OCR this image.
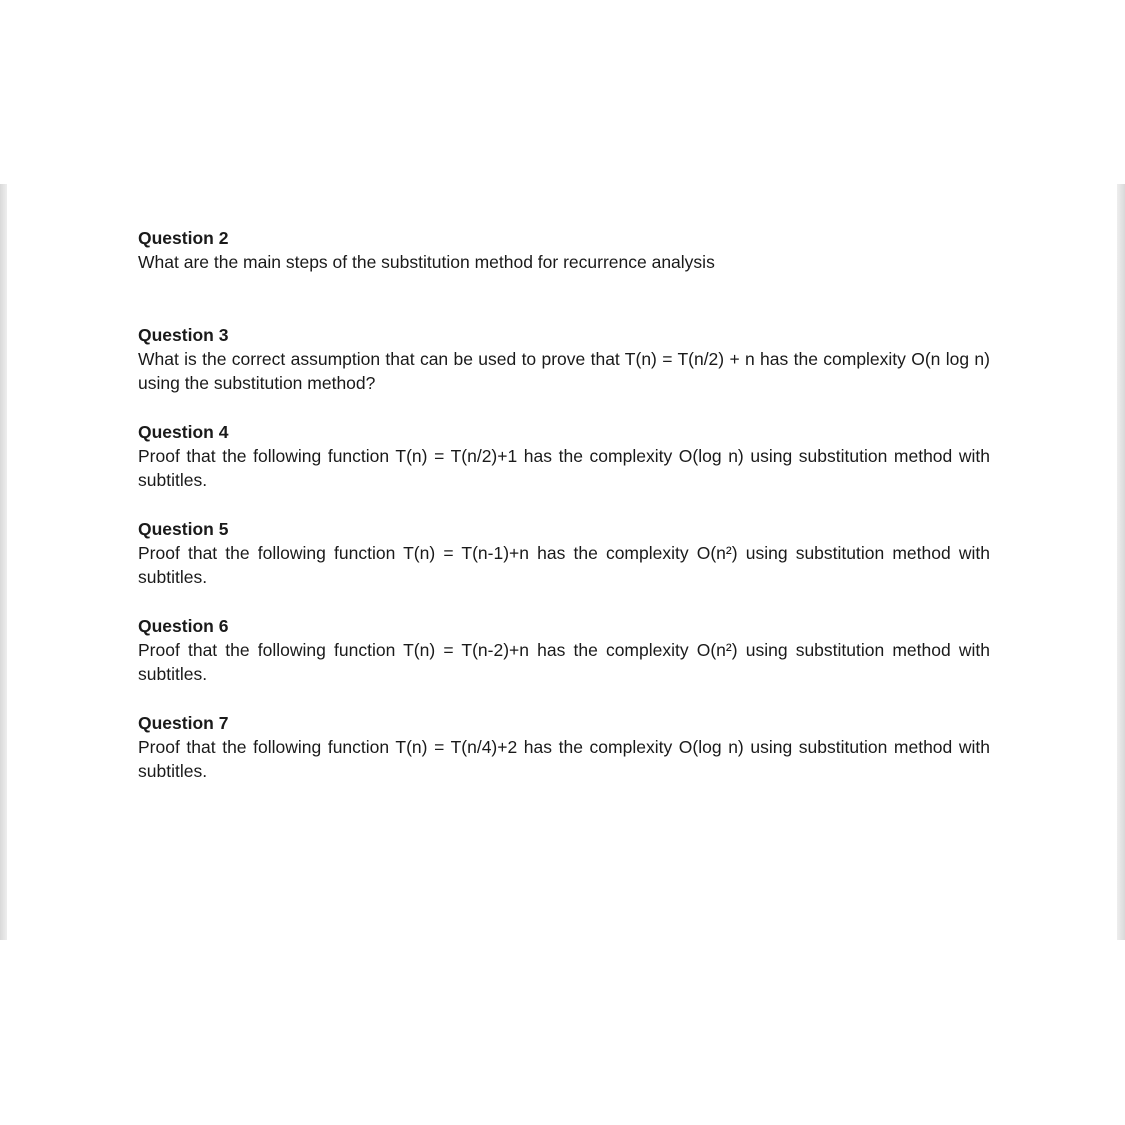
Question 2

What are the main steps of the substitution method for recurrence analysis

Question 3

What is the correct assumption that can be used to prove that T(n) = T(n/2) + n has the complexity O(n log n) using the substitution method?

Question 4

Proof that the following function T(n) = T(n/2)+1 has the complexity O(log n) using substitution method with subtitles.

Question 5

Proof that the following function T(n) = T(n-1)+n has the complexity O(n²) using substitution method with subtitles.

Question 6

Proof that the following function T(n) = T(n-2)+n has the complexity O(n²) using substitution method with subtitles.

Question 7

Proof that the following function T(n) = T(n/4)+2 has the complexity O(log n) using substitution method with subtitles.
